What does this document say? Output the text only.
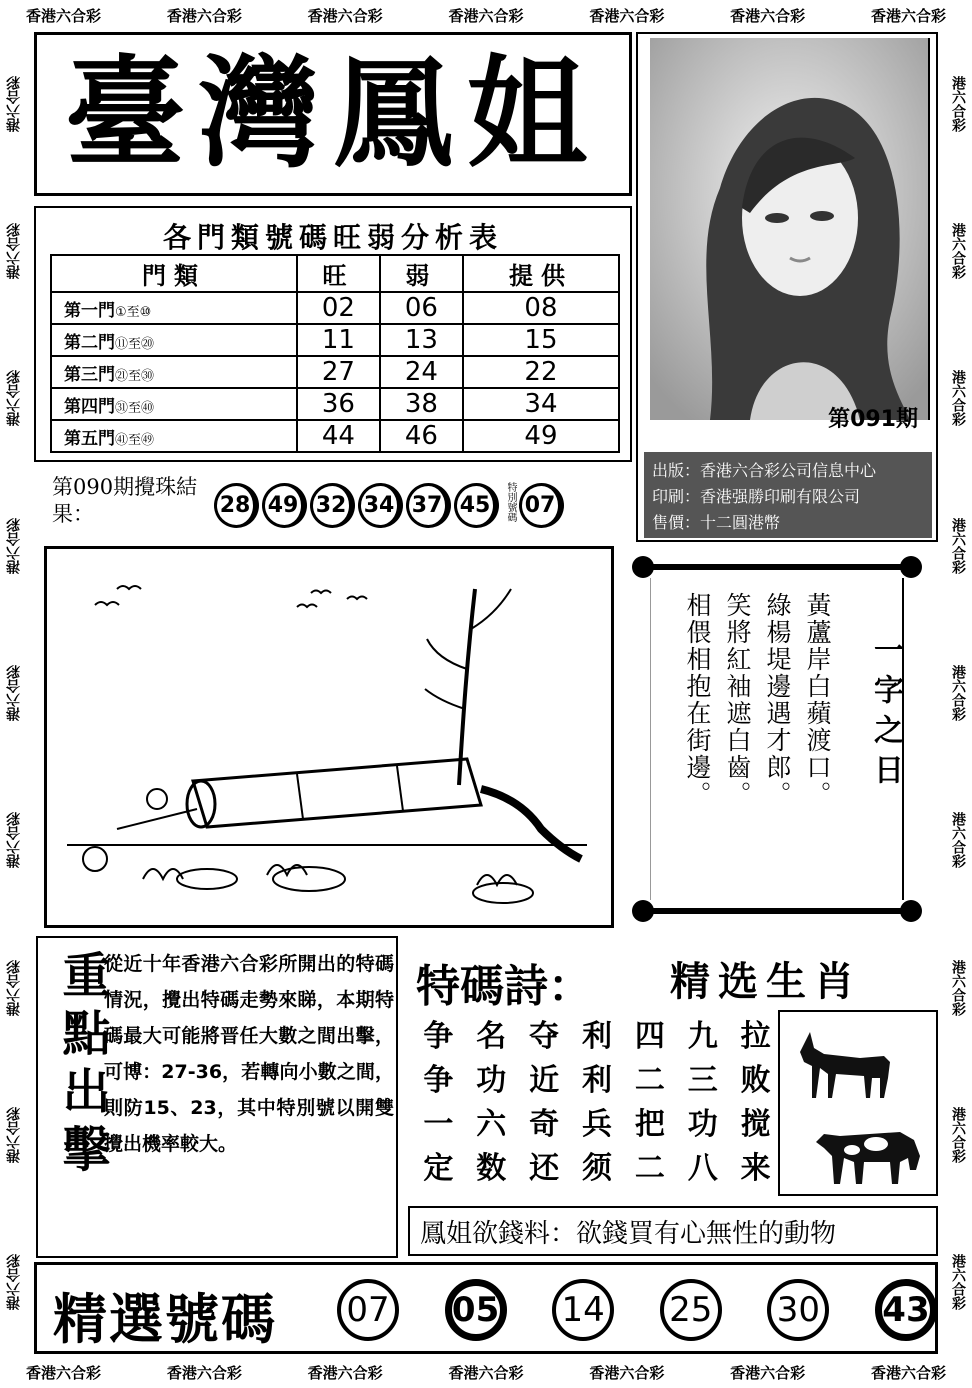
香港六合彩	香港六合彩	香港六合彩	香港六合彩	香港六合彩	香港六合彩	香港六合彩
香港六合彩	香港六合彩	香港六合彩	香港六合彩	香港六合彩	香港六合彩	香港六合彩
港六合彩
港六合彩
港六合彩
港六合彩
港六合彩
港六合彩
港六合彩
港六合彩
港六合彩
港六合彩
港六合彩
港六合彩
港六合彩
港六合彩
港六合彩
港六合彩
港六合彩
港六合彩
臺灣鳳姐
各門類號碼旺弱分析表
門類	旺	弱	提供
第一門①至⑩	02	06	08
第二門⑪至⑳	11	13	15
第三門㉑至㉚	27	24	22
第四門㉛至㊵	36	38	34
第五門㊶至㊾	44	46	49
第091期
出版：香港六合彩公司信息中心
印刷：香港强勝印刷有限公司
售價：十二圓港幣
第090期攪珠結果：	28 49 32 34 37 45	特別號碼 07
黃蘆岸白蘋渡口。
綠楊堤邊遇才郎。
笑將紅袖遮白齒。
相偎相抱在街邊。
一字之日
重點出擊
從近十年香港六合彩所開出的特碼情況，攪出特碼走勢來睇，本期特碼最大可能將晋任大數之間出擊，可博：27-36，若轉向小數之間，則防15、23，其中特別號以開雙攪出機率較大。
特碼詩： 精选生肖
争 名 夺 利 四 九 拉
争 功 近 利 二 三 败
一 六 奇 兵 把 功 搅
定 数 还 须 二 八 来
鳳姐欲錢料： 欲錢買有心無性的動物
精選號碼 07 05 14 25 30 43
